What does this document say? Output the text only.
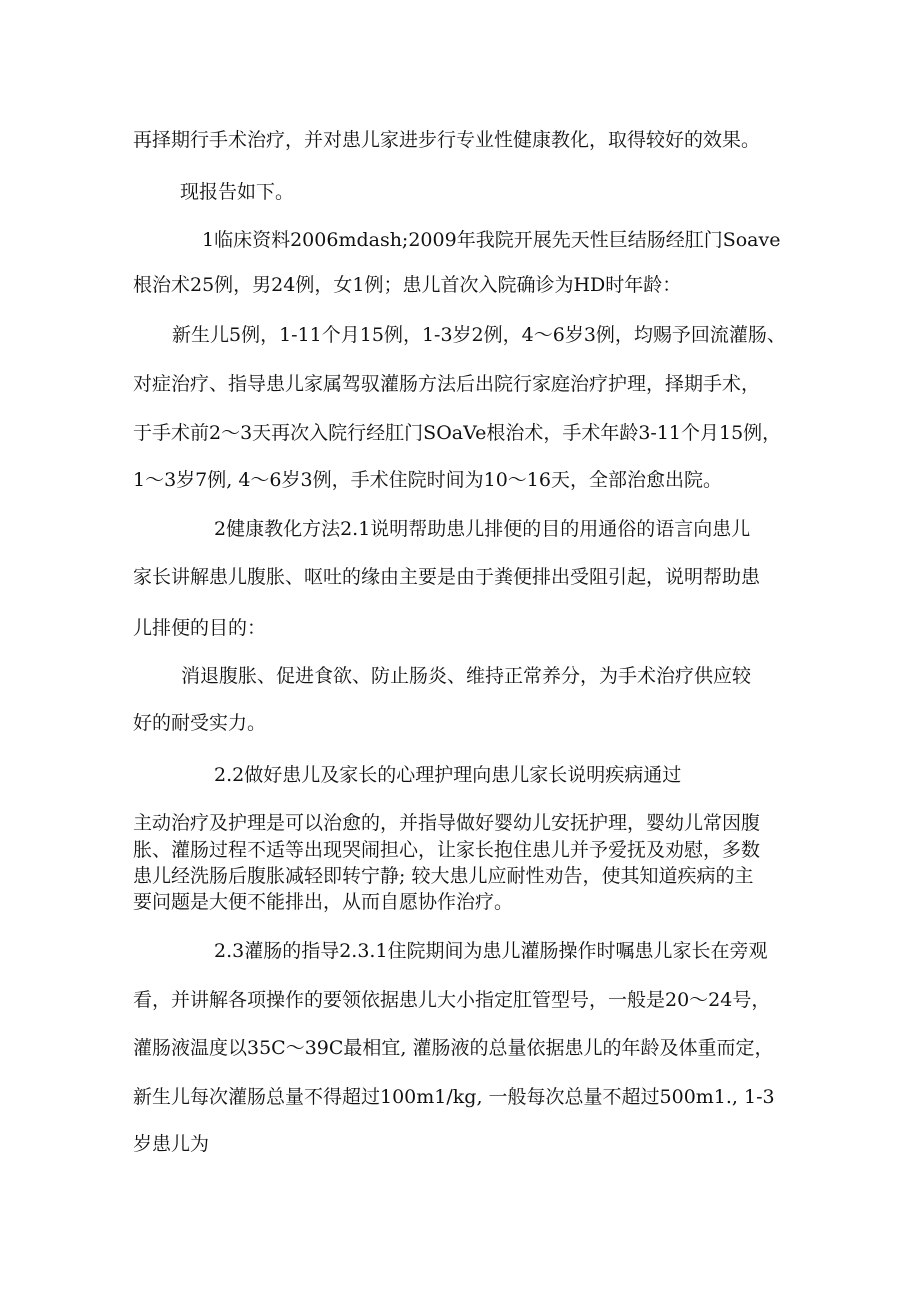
再择期行手术治疗，并对患儿家进步行专业性健康教化，取得较好的效果。
现报告如下。
1临床资料2006mdash;2009年我院开展先天性巨结肠经肛门Soave
根治术25例，男24例，女1例；患儿首次入院确诊为HD时年龄：
新生儿5例，1-11个月15例，1-3岁2例，4～6岁3例，均赐予回流灌肠、
对症治疗、指导患儿家属驾驭灌肠方法后出院行家庭治疗护理，择期手术，
于手术前2～3天再次入院行经肛门SOaVe根治术，手术年龄3-11个月15例，
1～3岁7例, 4～6岁3例，手术住院时间为10～16天，全部治愈出院。
2健康教化方法2.1说明帮助患儿排便的目的用通俗的语言向患儿
家长讲解患儿腹胀、呕吐的缘由主要是由于粪便排出受阻引起，说明帮助患
儿排便的目的：
消退腹胀、促进食欲、防止肠炎、维持正常养分，为手术治疗供应较
好的耐受实力。
2.2做好患儿及家长的心理护理向患儿家长说明疾病通过
主动治疗及护理是可以治愈的，并指导做好婴幼儿安抚护理，婴幼儿常因腹
胀、灌肠过程不适等出现哭闹担心，让家长抱住患儿并予爱抚及劝慰，多数
患儿经洗肠后腹胀减轻即转宁静; 较大患儿应耐性劝告，使其知道疾病的主
要问题是大便不能排出，从而自愿协作治疗。
2.3灌肠的指导2.3.1住院期间为患儿灌肠操作时嘱患儿家长在旁观
看，并讲解各项操作的要领依据患儿大小指定肛管型号，一般是20～24号，
灌肠液温度以35C～39C最相宜, 灌肠液的总量依据患儿的年龄及体重而定，
新生儿每次灌肠总量不得超过100m1∕kg, 一般每次总量不超过500m1., 1-3
岁患儿为
